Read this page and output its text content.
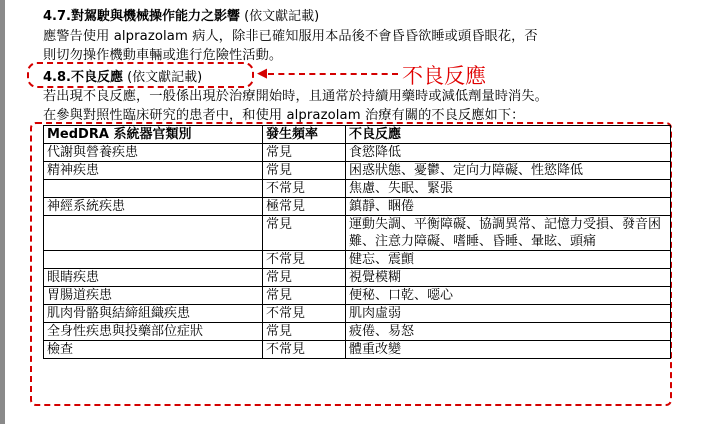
4.7.對駕駛與機械操作能力之影響 (依文獻記載)
應警告使用 alprazolam 病人，除非已確知服用本品後不會昏昏欲睡或頭昏眼花，否
則切勿操作機動車輛或進行危險性活動。
4.8.不良反應 (依文獻記載)	◀	不良反應
若出現不良反應，一般係出現於治療開始時，且通常於持續用藥時或減低劑量時消失。
在參與對照性臨床研究的患者中，和使用 alprazolam 治療有關的不良反應如下：
MedDRA 系統器官類別	發生頻率	不良反應
代謝與營養疾患	常見	食慾降低
精神疾患	常見	困惑狀態、憂鬱、定向力障礙、性慾降低
	不常見	焦慮、失眠、緊張
神經系統疾患	極常見	鎮靜、睏倦
	常見	運動失調、平衡障礙、協調異常、記憶力受損、發音困難、注意力障礙、嗜睡、昏睡、暈眩、頭痛
	不常見	健忘、震顫
眼睛疾患	常見	視覺模糊
胃腸道疾患	常見	便秘、口乾、噁心
肌肉骨骼與結締組織疾患	不常見	肌肉虛弱
全身性疾患與投藥部位症狀	常見	疲倦、易怒
檢查	不常見	體重改變
